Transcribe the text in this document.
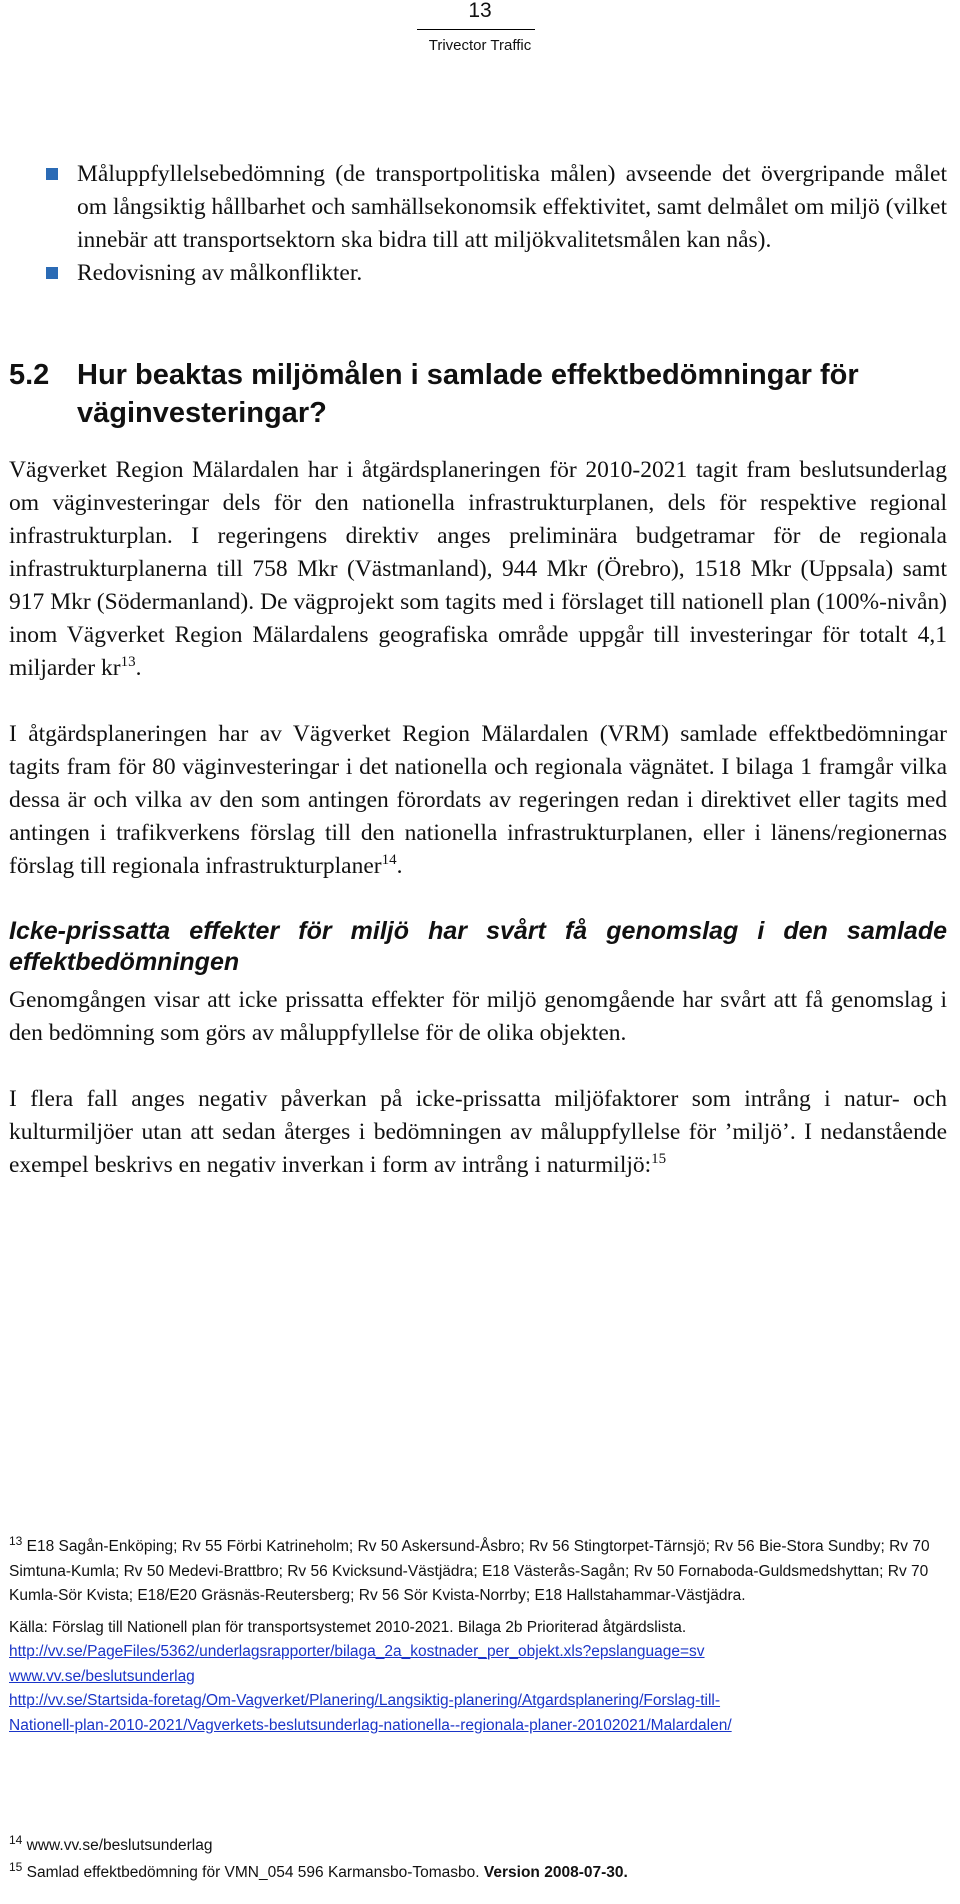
13
Trivector Traffic
Måluppfyllelsebedömning (de transportpolitiska målen) avseende det övergripande målet om långsiktig hållbarhet och samhällsekonomsik effektivitet, samt delmålet om miljö (vilket innebär att transportsektorn ska bidra till att miljökvalitetsmålen kan nås).
Redovisning av målkonflikter.
5.2 Hur beaktas miljömålen i samlade effektbedömningar för väginvesteringar?

Vägverket Region Mälardalen har i åtgärdsplaneringen för 2010-2021 tagit fram beslutsunderlag om väginvesteringar dels för den nationella infrastrukturplanen, dels för respektive regional infrastrukturplan. I regeringens direktiv anges preliminära budgetramar för de regionala infrastrukturplanerna till 758 Mkr (Västmanland), 944 Mkr (Örebro), 1518 Mkr (Uppsala) samt 917 Mkr (Södermanland). De vägprojekt som tagits med i förslaget till nationell plan (100%-nivån) inom Vägverket Region Mälardalens geografiska område uppgår till investeringar för totalt 4,1 miljarder $kr^{13}$.

I åtgärdsplaneringen har av Vägverket Region Mälardalen (VRM) samlade effektbedömningar tagits fram för 80 väginvesteringar i det nationella och regionala vägnätet. I bilaga 1 framgår vilka dessa är och vilka av den som antingen förordats av regeringen redan i direktivet eller tagits med antingen i trafikverkens förslag till den nationella infrastrukturplanen, eller i länens/regionernas förslag till regionala infrastrukturplaner$^{14}$.

Icke-prissatta effekter för miljö har svårt få genomslag i den samlade effektbedömningen

Genomgången visar att icke prissatta effekter för miljö genomgående har svårt att få genomslag i den bedömning som görs av måluppfyllelse för de olika objekten.

I flera fall anges negativ påverkan på icke-prissatta miljöfaktorer som intrång i natur- och kulturmiljöer utan att sedan återges i bedömningen av måluppfyllelse för ’miljö’. I nedanstående exempel beskrivs en negativ inverkan i form av intrång i naturmiljö:$^{15}$

$^{13}$ E18 Sagån-Enköping; Rv 55 Förbi Katrineholm; Rv 50 Askersund-Åsbro; Rv 56 Stingtorpet-Tärnsjö; Rv 56 Bie-Stora Sundby; Rv 70 Simtuna-Kumla; Rv 50 Medevi-Brattbro; Rv 56 Kvicksund-Västjädra; E18 Västerås-Sagån; Rv 50 Fornaboda-Guldsmedshyttan; Rv 70 Kumla-Sör Kvista; E18/E20 Gräsnäs-Reutersberg; Rv 56 Sör Kvista-Norrby; E18 Hallstahammar-Västjädra.
Källa: Förslag till Nationell plan för transportsystemet 2010-2021. Bilaga 2b Prioriterad åtgärdslista.
http://vv.se/PageFiles/5362/underlagsrapporter/bilaga_2a_kostnader_per_objekt.xls?epslanguage=sv
www.vv.se/beslutsunderlag
http://vv.se/Startsida-foretag/Om-Vagverket/Planering/Langsiktig-planering/Atgardsplanering/Forslag-till-
Nationell-plan-2010-2021/Vagverkets-beslutsunderlag-nationella--regionala-planer-20102021/Malardalen/
$^{14}$ www.vv.se/beslutsunderlag
$^{15}$ Samlad effektbedömning för VMN_054 596 Karmansbo-Tomasbo. Version 2008-07-30.
